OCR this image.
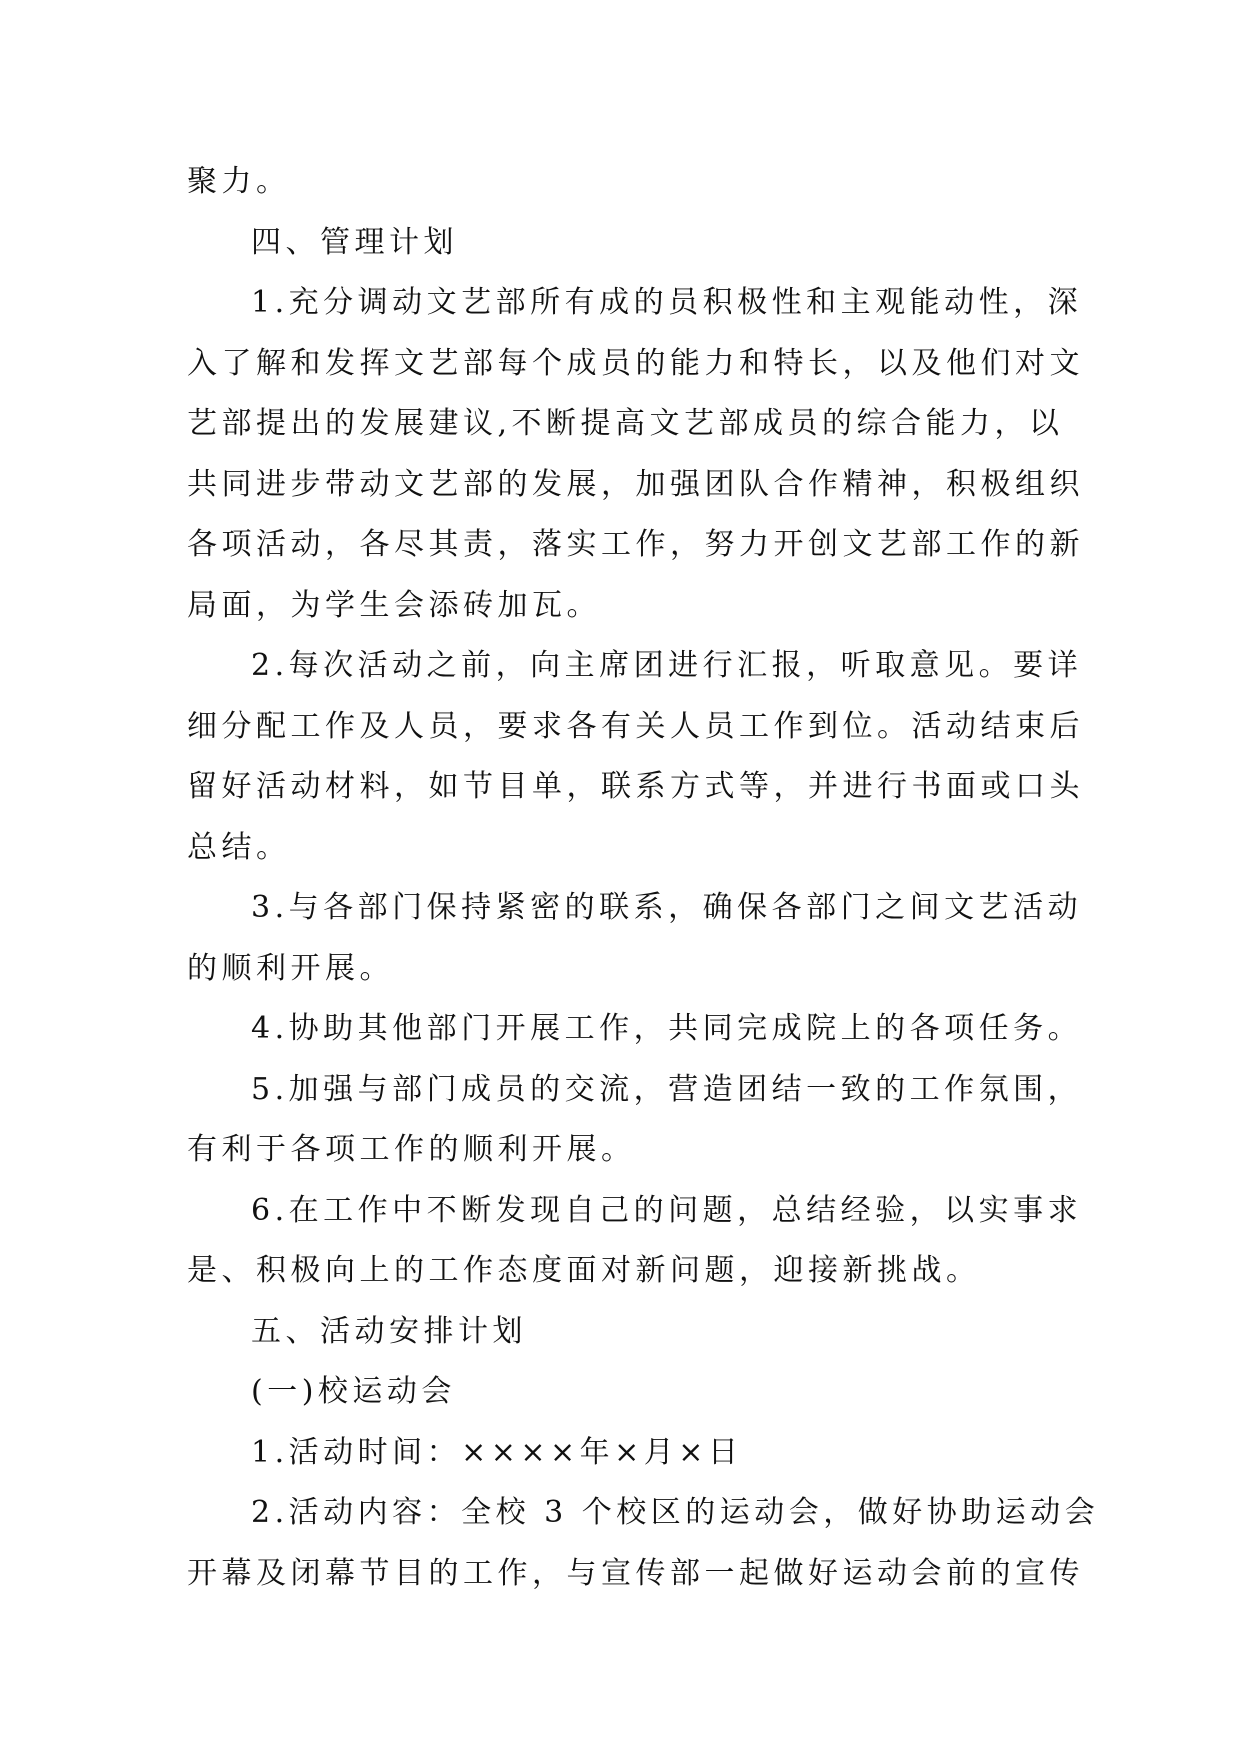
聚力。
四、管理计划
1.充分调动文艺部所有成的员积极性和主观能动性，深
入了解和发挥文艺部每个成员的能力和特长，以及他们对文
艺部提出的发展建议,不断提高文艺部成员的综合能力，以
共同进步带动文艺部的发展，加强团队合作精神，积极组织
各项活动，各尽其责，落实工作，努力开创文艺部工作的新
局面，为学生会添砖加瓦。
2.每次活动之前，向主席团进行汇报，听取意见。要详
细分配工作及人员，要求各有关人员工作到位。活动结束后
留好活动材料，如节目单，联系方式等，并进行书面或口头
总结。
3.与各部门保持紧密的联系，确保各部门之间文艺活动
的顺利开展。
4.协助其他部门开展工作，共同完成院上的各项任务。
5.加强与部门成员的交流，营造团结一致的工作氛围，
有利于各项工作的顺利开展。
6.在工作中不断发现自己的问题，总结经验，以实事求
是、积极向上的工作态度面对新问题，迎接新挑战。
五、活动安排计划
(一)校运动会
1.活动时间：××××年×月×日
2.活动内容：全校 3 个校区的运动会，做好协助运动会
开幕及闭幕节目的工作，与宣传部一起做好运动会前的宣传
